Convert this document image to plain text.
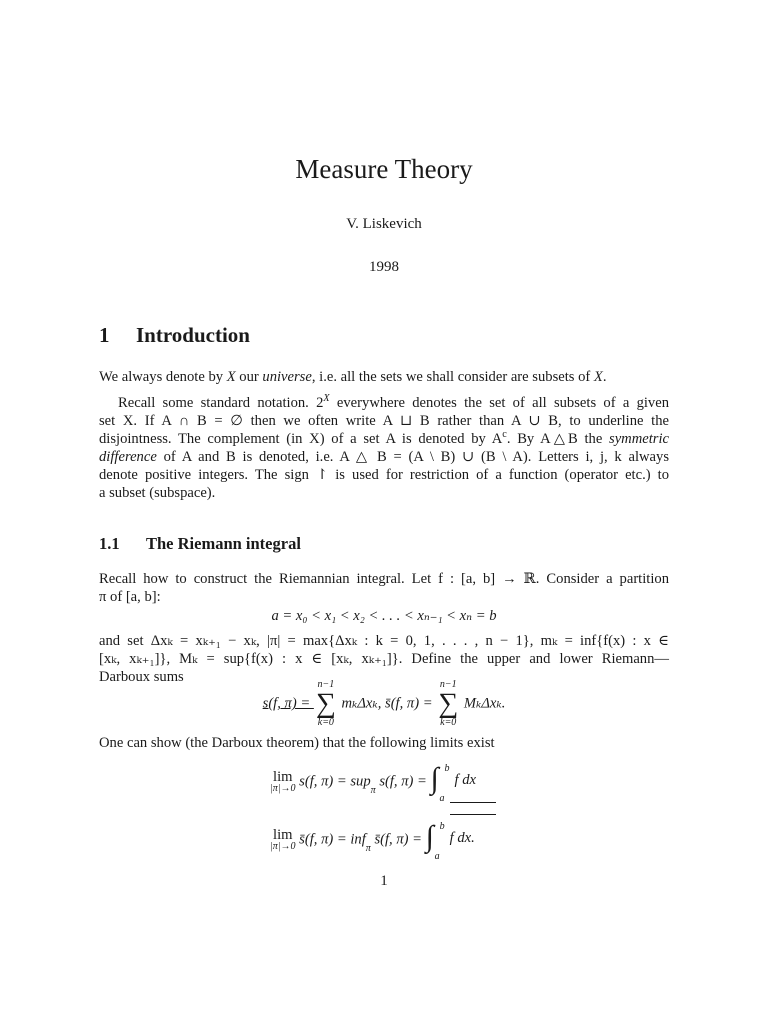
Measure Theory
V. Liskevich
1998
1 Introduction
We always denote by X our universe, i.e. all the sets we shall consider are subsets of X.
Recall some standard notation. $2^X$ everywhere denotes the set of all subsets of a given
set X. If A ∩ B = ∅ then we often write A ⊔ B rather than A ∪ B, to underline the
disjointness. The complement (in X) of a set A is denoted by $A^c$. By A△B the symmetric
difference of A and B is denoted, i.e. A △ B = (A \ B) ∪ (B \ A). Letters i, j, k always
denote positive integers. The sign ↾ is used for restriction of a function (operator etc.) to
a subset (subspace).
1.1 The Riemann integral
Recall how to construct the Riemannian integral. Let f : [a, b] → ℝ. Consider a partition
π of [a, b]:
a = x₀ < x₁ < x₂ < . . . < xₙ₋₁ < xₙ = b
and set Δxₖ = xₖ₊₁ − xₖ, |π| = max{Δxₖ : k = 0, 1, . . . , n − 1}, mₖ = inf{f(x) : x ∈
[xₖ, xₖ₊₁]}, Mₖ = sup{f(x) : x ∈ [xₖ, xₖ₊₁]}. Define the upper and lower Riemann—
Darboux sums
s(f, π) =
n−1
∑
k=0
mₖΔxₖ, s̄(f, π) =
n−1
∑
k=0
MₖΔxₖ.
One can show (the Darboux theorem) that the following limits exist
lim
|π|→0 s(f, π) = sup
π
s(f, π) = ∫ b
a
f dx
lim
|π|→0 s̄(f, π) = inf
π
s̄(f, π) = ∫ b
a
f dx.
1
